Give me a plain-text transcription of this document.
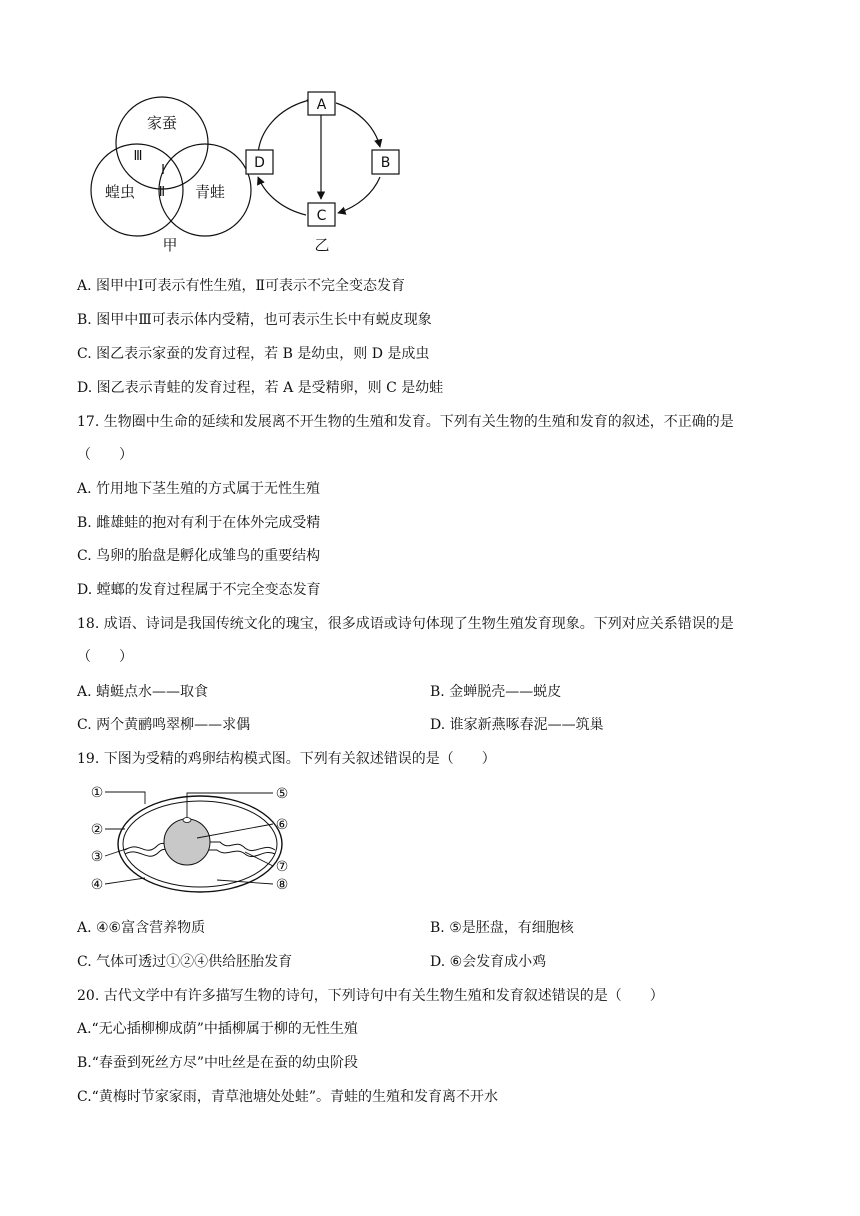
家蚕
蝗虫	青蛙
Ⅲ
Ⅰ
Ⅱ
甲
A
B
C
D
乙
A. 图甲中Ⅰ可表示有性生殖，Ⅱ可表示不完全变态发育
B. 图甲中Ⅲ可表示体内受精，也可表示生长中有蜕皮现象
C. 图乙表示家蚕的发育过程，若 B 是幼虫，则 D 是成虫
D. 图乙表示青蛙的发育过程，若 A 是受精卵，则 C 是幼蛙
17. 生物圈中生命的延续和发展离不开生物的生殖和发育。下列有关生物的生殖和发育的叙述，不正确的是
（　　）
A. 竹用地下茎生殖的方式属于无性生殖
B. 雌雄蛙的抱对有利于在体外完成受精
C. 鸟卵的胎盘是孵化成雏鸟的重要结构
D. 螳螂的发育过程属于不完全变态发育
18. 成语、诗词是我国传统文化的瑰宝，很多成语或诗句体现了生物生殖发育现象。下列对应关系错误的是
（　　）
A. 蜻蜓点水——取食	B. 金蝉脱壳——蜕皮
C. 两个黄鹂鸣翠柳——求偶	D. 谁家新燕啄春泥——筑巢
19. 下图为受精的鸡卵结构模式图。下列有关叙述错误的是（　　）
①
②
③
④
⑤
⑥
⑦
⑧
A. ④⑥富含营养物质	B. ⑤是胚盘，有细胞核
C. 气体可透过①②④供给胚胎发育	D. ⑥会发育成小鸡
20. 古代文学中有许多描写生物的诗句，下列诗句中有关生物生殖和发育叙述错误的是（　　）
A.“无心插柳柳成荫”中插柳属于柳的无性生殖
B.“春蚕到死丝方尽”中吐丝是在蚕的幼虫阶段
C.“黄梅时节家家雨，青草池塘处处蛙”。青蛙的生殖和发育离不开水
